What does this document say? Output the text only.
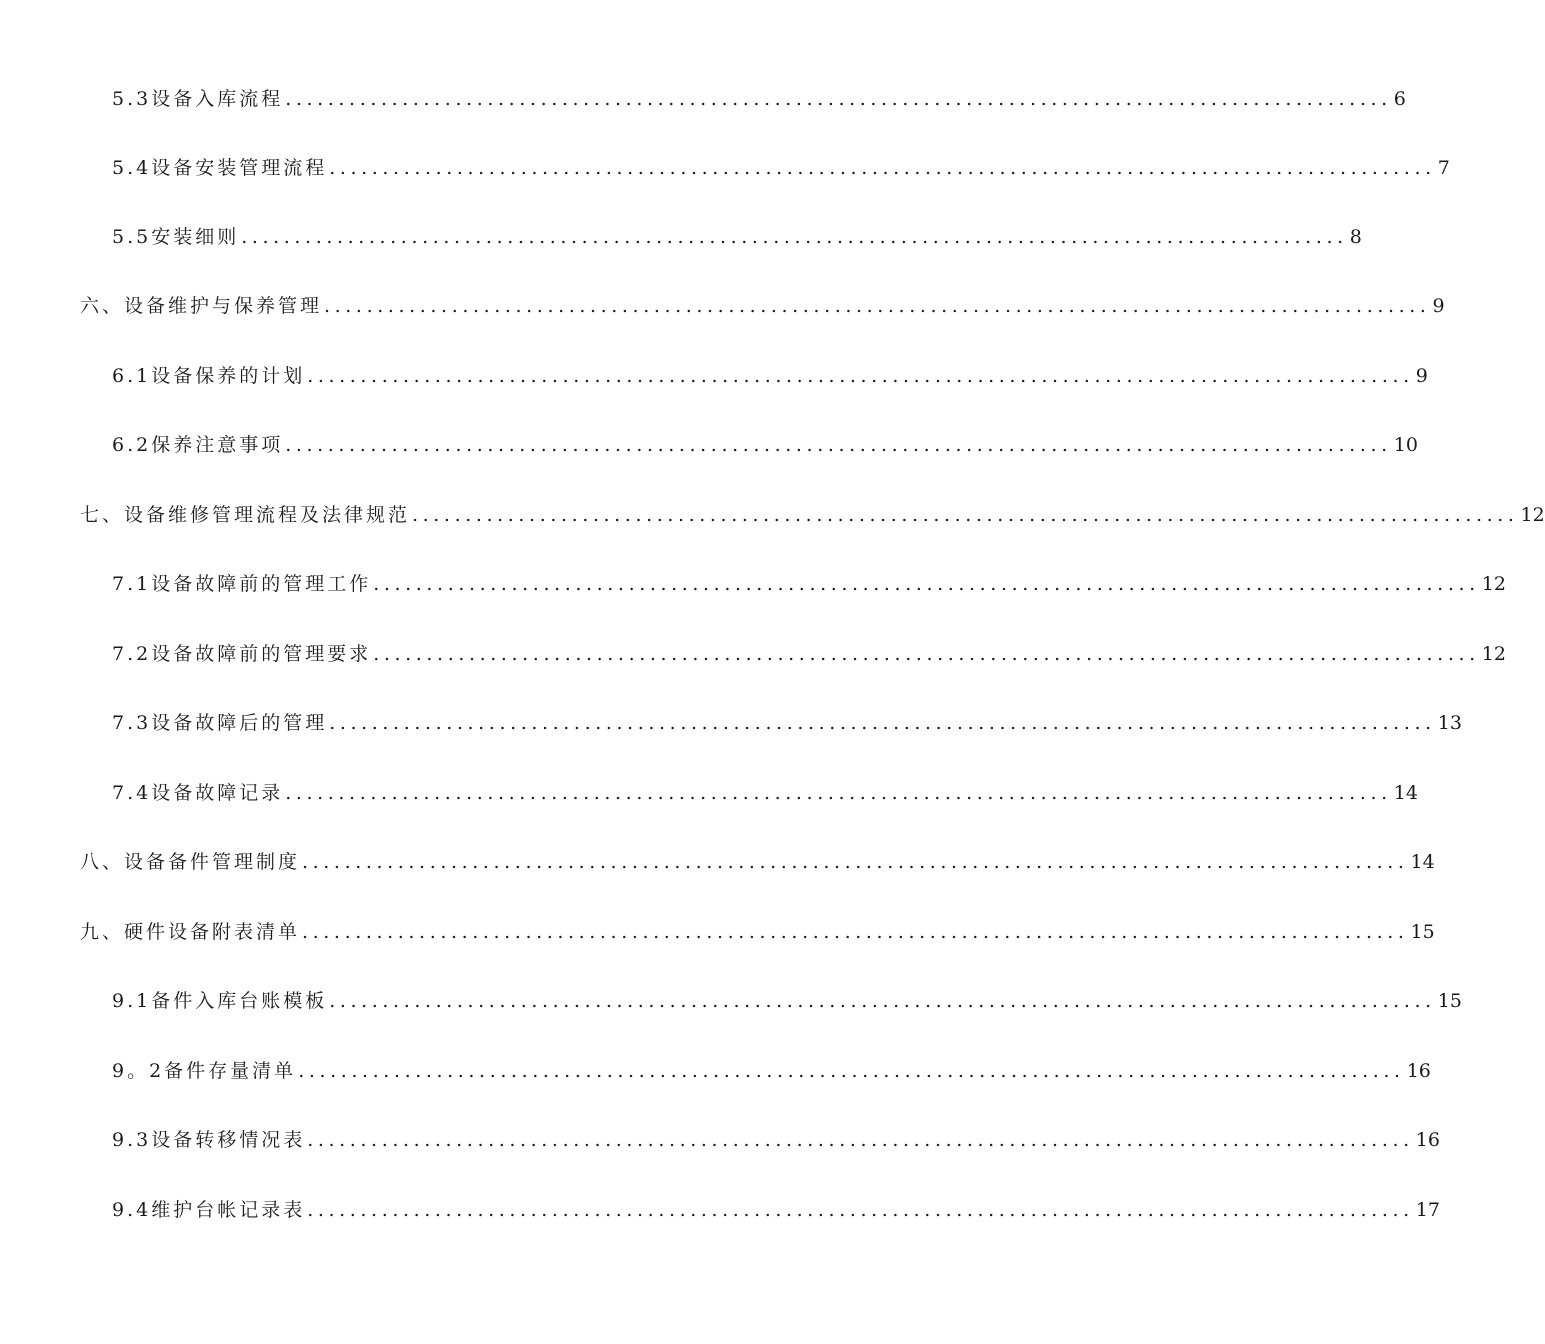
5.3设备入库流程 ........................................................................................................ 6
5.4设备安装管理流程 ........................................................................................................ 7
5.5安装细则 ........................................................................................................ 8
六、设备维护与保养管理 ........................................................................................................ 9
6.1设备保养的计划 ........................................................................................................ 9
6.2保养注意事项 ........................................................................................................ 10
七、设备维修管理流程及法律规范 ........................................................................................................ 12
7.1设备故障前的管理工作 ........................................................................................................ 12
7.2设备故障前的管理要求 ........................................................................................................ 12
7.3设备故障后的管理 ........................................................................................................ 13
7.4设备故障记录 ........................................................................................................ 14
八、设备备件管理制度 ........................................................................................................ 14
九、硬件设备附表清单 ........................................................................................................ 15
9.1备件入库台账模板 ........................................................................................................ 15
9。2备件存量清单 ........................................................................................................ 16
9.3设备转移情况表 ........................................................................................................ 16
9.4维护台帐记录表 ........................................................................................................ 17
